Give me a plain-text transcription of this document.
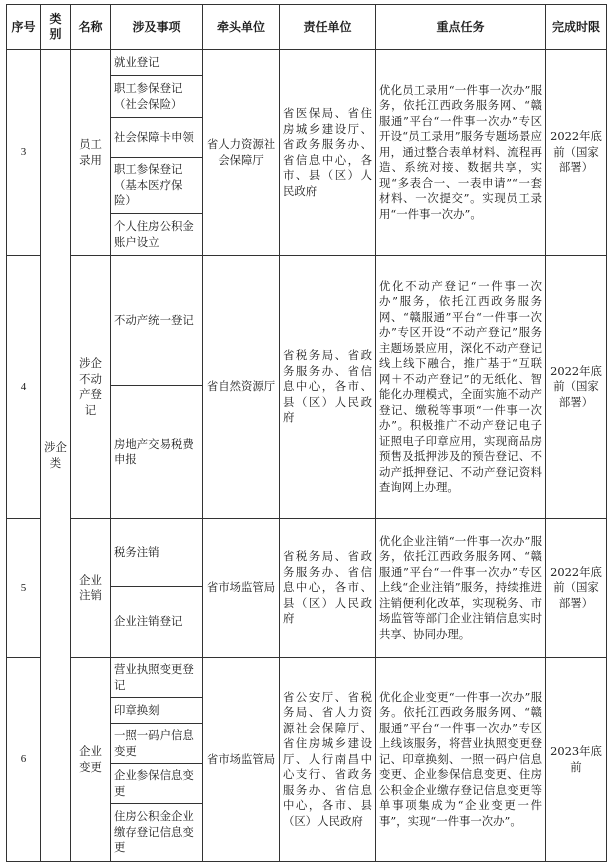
序号	类别	名称	涉及事项	牵头单位	责任单位	重点任务	完成时限
3	涉企类	员工录用	就业登记	省人力资源社会保障厅	省医保局、省住房城乡建设厅、省政务服务办、省信息中心，各市、县（区）人民政府	优化员工录用“一件事一次办”服务，依托江西政务服务网、“赣服通”平台“一件事一次办”专区开设“员工录用”服务专题场景应用，通过整合表单材料、流程再造、系统对接、数据共享，实现“多表合一、一表申请”“一套材料、一次提交”。实现员工录用“一件事一次办”。	2022年底前（国家部署）
			职工参保登记（社会保险）				
			社会保障卡申领				
			职工参保登记（基本医疗保险）				
			个人住房公积金账户设立				
4		涉企不动产登记	不动产统一登记	省自然资源厅	省税务局、省政务服务办、省信息中心，各市、县（区）人民政府	优化不动产登记“一件事一次办”服务，依托江西政务服务网、“赣服通”平台“一件事一次办”专区开设“不动产登记”服务主题场景应用，深化不动产登记线上线下融合，推广基于“互联网＋不动产登记”的无纸化、智能化办理模式，全面实施不动产登记、缴税等事项“一件事一次办”。积极推广不动产登记电子证照电子印章应用，实现商品房预售及抵押涉及的预告登记、不动产抵押登记、不动产登记资料查询网上办理。	2022年底前（国家部署）
			房地产交易税费申报				
5		企业注销	税务注销	省市场监管局	省税务局、省政务服务办、省信息中心，各市、县（区）人民政府	优化企业注销“一件事一次办”服务，依托江西政务服务网、“赣服通”平台“一件事一次办”专区上线“企业注销”服务，持续推进注销便利化改革，实现税务、市场监管等部门企业注销信息实时共享、协同办理。	2022年底前（国家部署）
			企业注销登记				
6		企业变更	营业执照变更登记	省市场监管局	省公安厅、省税务局、省人力资源社会保障厅、省住房城乡建设厅、人行南昌中心支行、省政务服务办、省信息中心，各市、县（区）人民政府	优化企业变更“一件事一次办”服务。依托江西政务服务网、“赣服通”平台“一件事一次办”专区上线该服务，将营业执照变更登记、印章换刻、一照一码户信息变更、企业参保信息变更、住房公积金企业缴存登记信息变更等单事项集成为“企业变更一件事”，实现“一件事一次办”。	2023年底前
			印章换刻				
			一照一码户信息变更				
			企业参保信息变更				
			住房公积金企业缴存登记信息变更				
